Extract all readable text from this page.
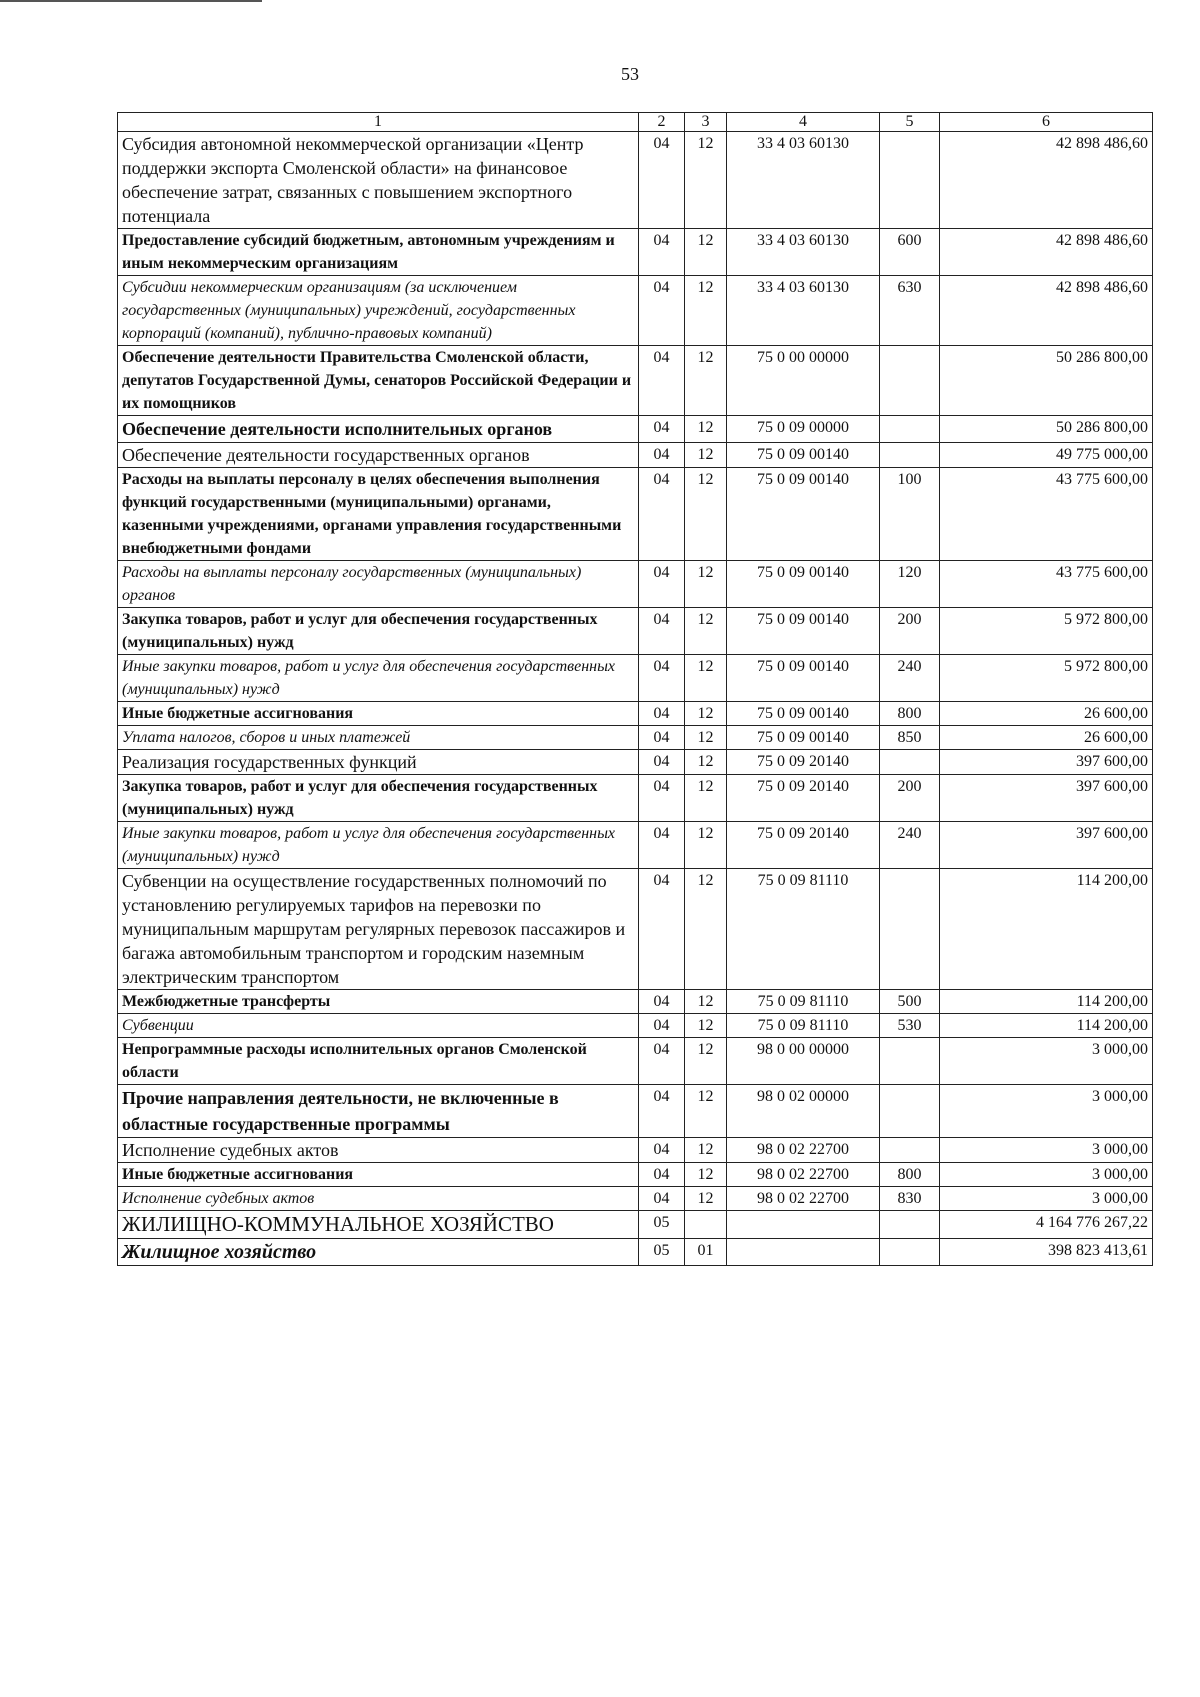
53
1	2	3	4	5	6
Субсидия автономной некоммерческой организации «Центр поддержки экспорта Смоленской области» на финансовое обеспечение затрат, связанных с повышением экспортного потенциала	04	12	33 4 03 60130		42 898 486,60
Предоставление субсидий бюджетным, автономным учреждениям и иным некоммерческим организациям	04	12	33 4 03 60130	600	42 898 486,60
Субсидии некоммерческим организациям (за исключением государственных (муниципальных) учреждений, государственных корпораций (компаний), публично-правовых компаний)	04	12	33 4 03 60130	630	42 898 486,60
Обеспечение деятельности Правительства Смоленской области, депутатов Государственной Думы, сенаторов Российской Федерации и их помощников	04	12	75 0 00 00000		50 286 800,00
Обеспечение деятельности исполнительных органов	04	12	75 0 09 00000		50 286 800,00
Обеспечение деятельности государственных органов	04	12	75 0 09 00140		49 775 000,00
Расходы на выплаты персоналу в целях обеспечения выполнения функций государственными (муниципальными) органами, казенными учреждениями, органами управления государственными внебюджетными фондами	04	12	75 0 09 00140	100	43 775 600,00
Расходы на выплаты персоналу государственных (муниципальных) органов	04	12	75 0 09 00140	120	43 775 600,00
Закупка товаров, работ и услуг для обеспечения государственных (муниципальных) нужд	04	12	75 0 09 00140	200	5 972 800,00
Иные закупки товаров, работ и услуг для обеспечения государственных (муниципальных) нужд	04	12	75 0 09 00140	240	5 972 800,00
Иные бюджетные ассигнования	04	12	75 0 09 00140	800	26 600,00
Уплата налогов, сборов и иных платежей	04	12	75 0 09 00140	850	26 600,00
Реализация государственных функций	04	12	75 0 09 20140		397 600,00
Закупка товаров, работ и услуг для обеспечения государственных (муниципальных) нужд	04	12	75 0 09 20140	200	397 600,00
Иные закупки товаров, работ и услуг для обеспечения государственных (муниципальных) нужд	04	12	75 0 09 20140	240	397 600,00
Субвенции на осуществление государственных полномочий по установлению регулируемых тарифов на перевозки по муниципальным маршрутам регулярных перевозок пассажиров и багажа автомобильным транспортом и городским наземным электрическим транспортом	04	12	75 0 09 81110		114 200,00
Межбюджетные трансферты	04	12	75 0 09 81110	500	114 200,00
Субвенции	04	12	75 0 09 81110	530	114 200,00
Непрограммные расходы исполнительных органов Смоленской области	04	12	98 0 00 00000		3 000,00
Прочие направления деятельности, не включенные в областные государственные программы	04	12	98 0 02 00000		3 000,00
Исполнение судебных актов	04	12	98 0 02 22700		3 000,00
Иные бюджетные ассигнования	04	12	98 0 02 22700	800	3 000,00
Исполнение судебных актов	04	12	98 0 02 22700	830	3 000,00
ЖИЛИЩНО-КОММУНАЛЬНОЕ ХОЗЯЙСТВО	05				4 164 776 267,22
Жилищное хозяйство	05	01			398 823 413,61
